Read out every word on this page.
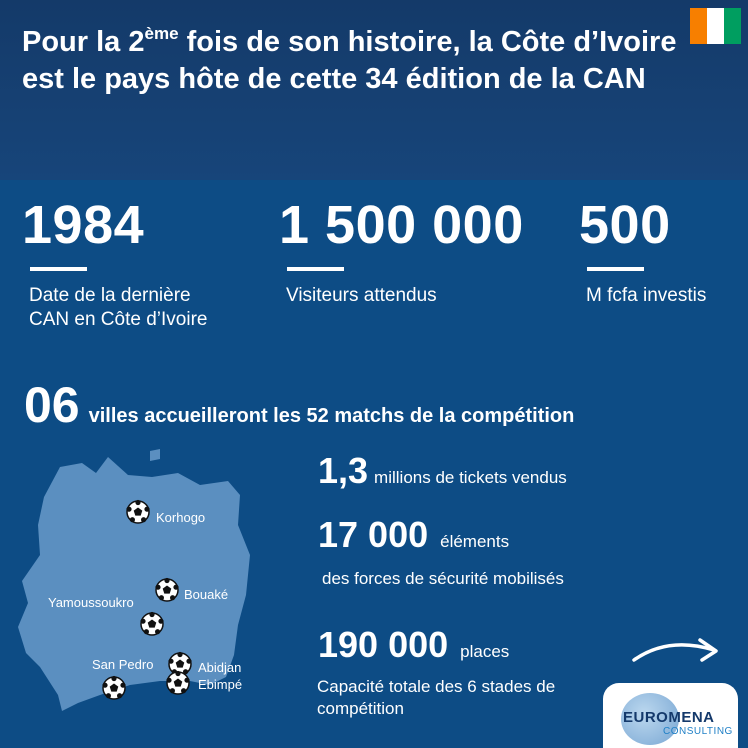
Pour la 2ème fois de son histoire, la Côte d’Ivoire est le pays hôte de cette 34 édition de la CAN
1984
Date de la dernière
CAN en Côte d’Ivoire
1 500 000
Visiteurs attendus
500
M fcfa investis
06 villes accueilleront les 52 matchs de la compétition
Korhogo
Bouaké
Yamoussoukro
San Pedro	Abidjan
Ebimpé
1,3 millions de tickets vendus
17 000 éléments
des forces de sécurité mobilisés
190 000 places
Capacité totale des 6 stades de
compétition	EUROMENA
CONSULTING
